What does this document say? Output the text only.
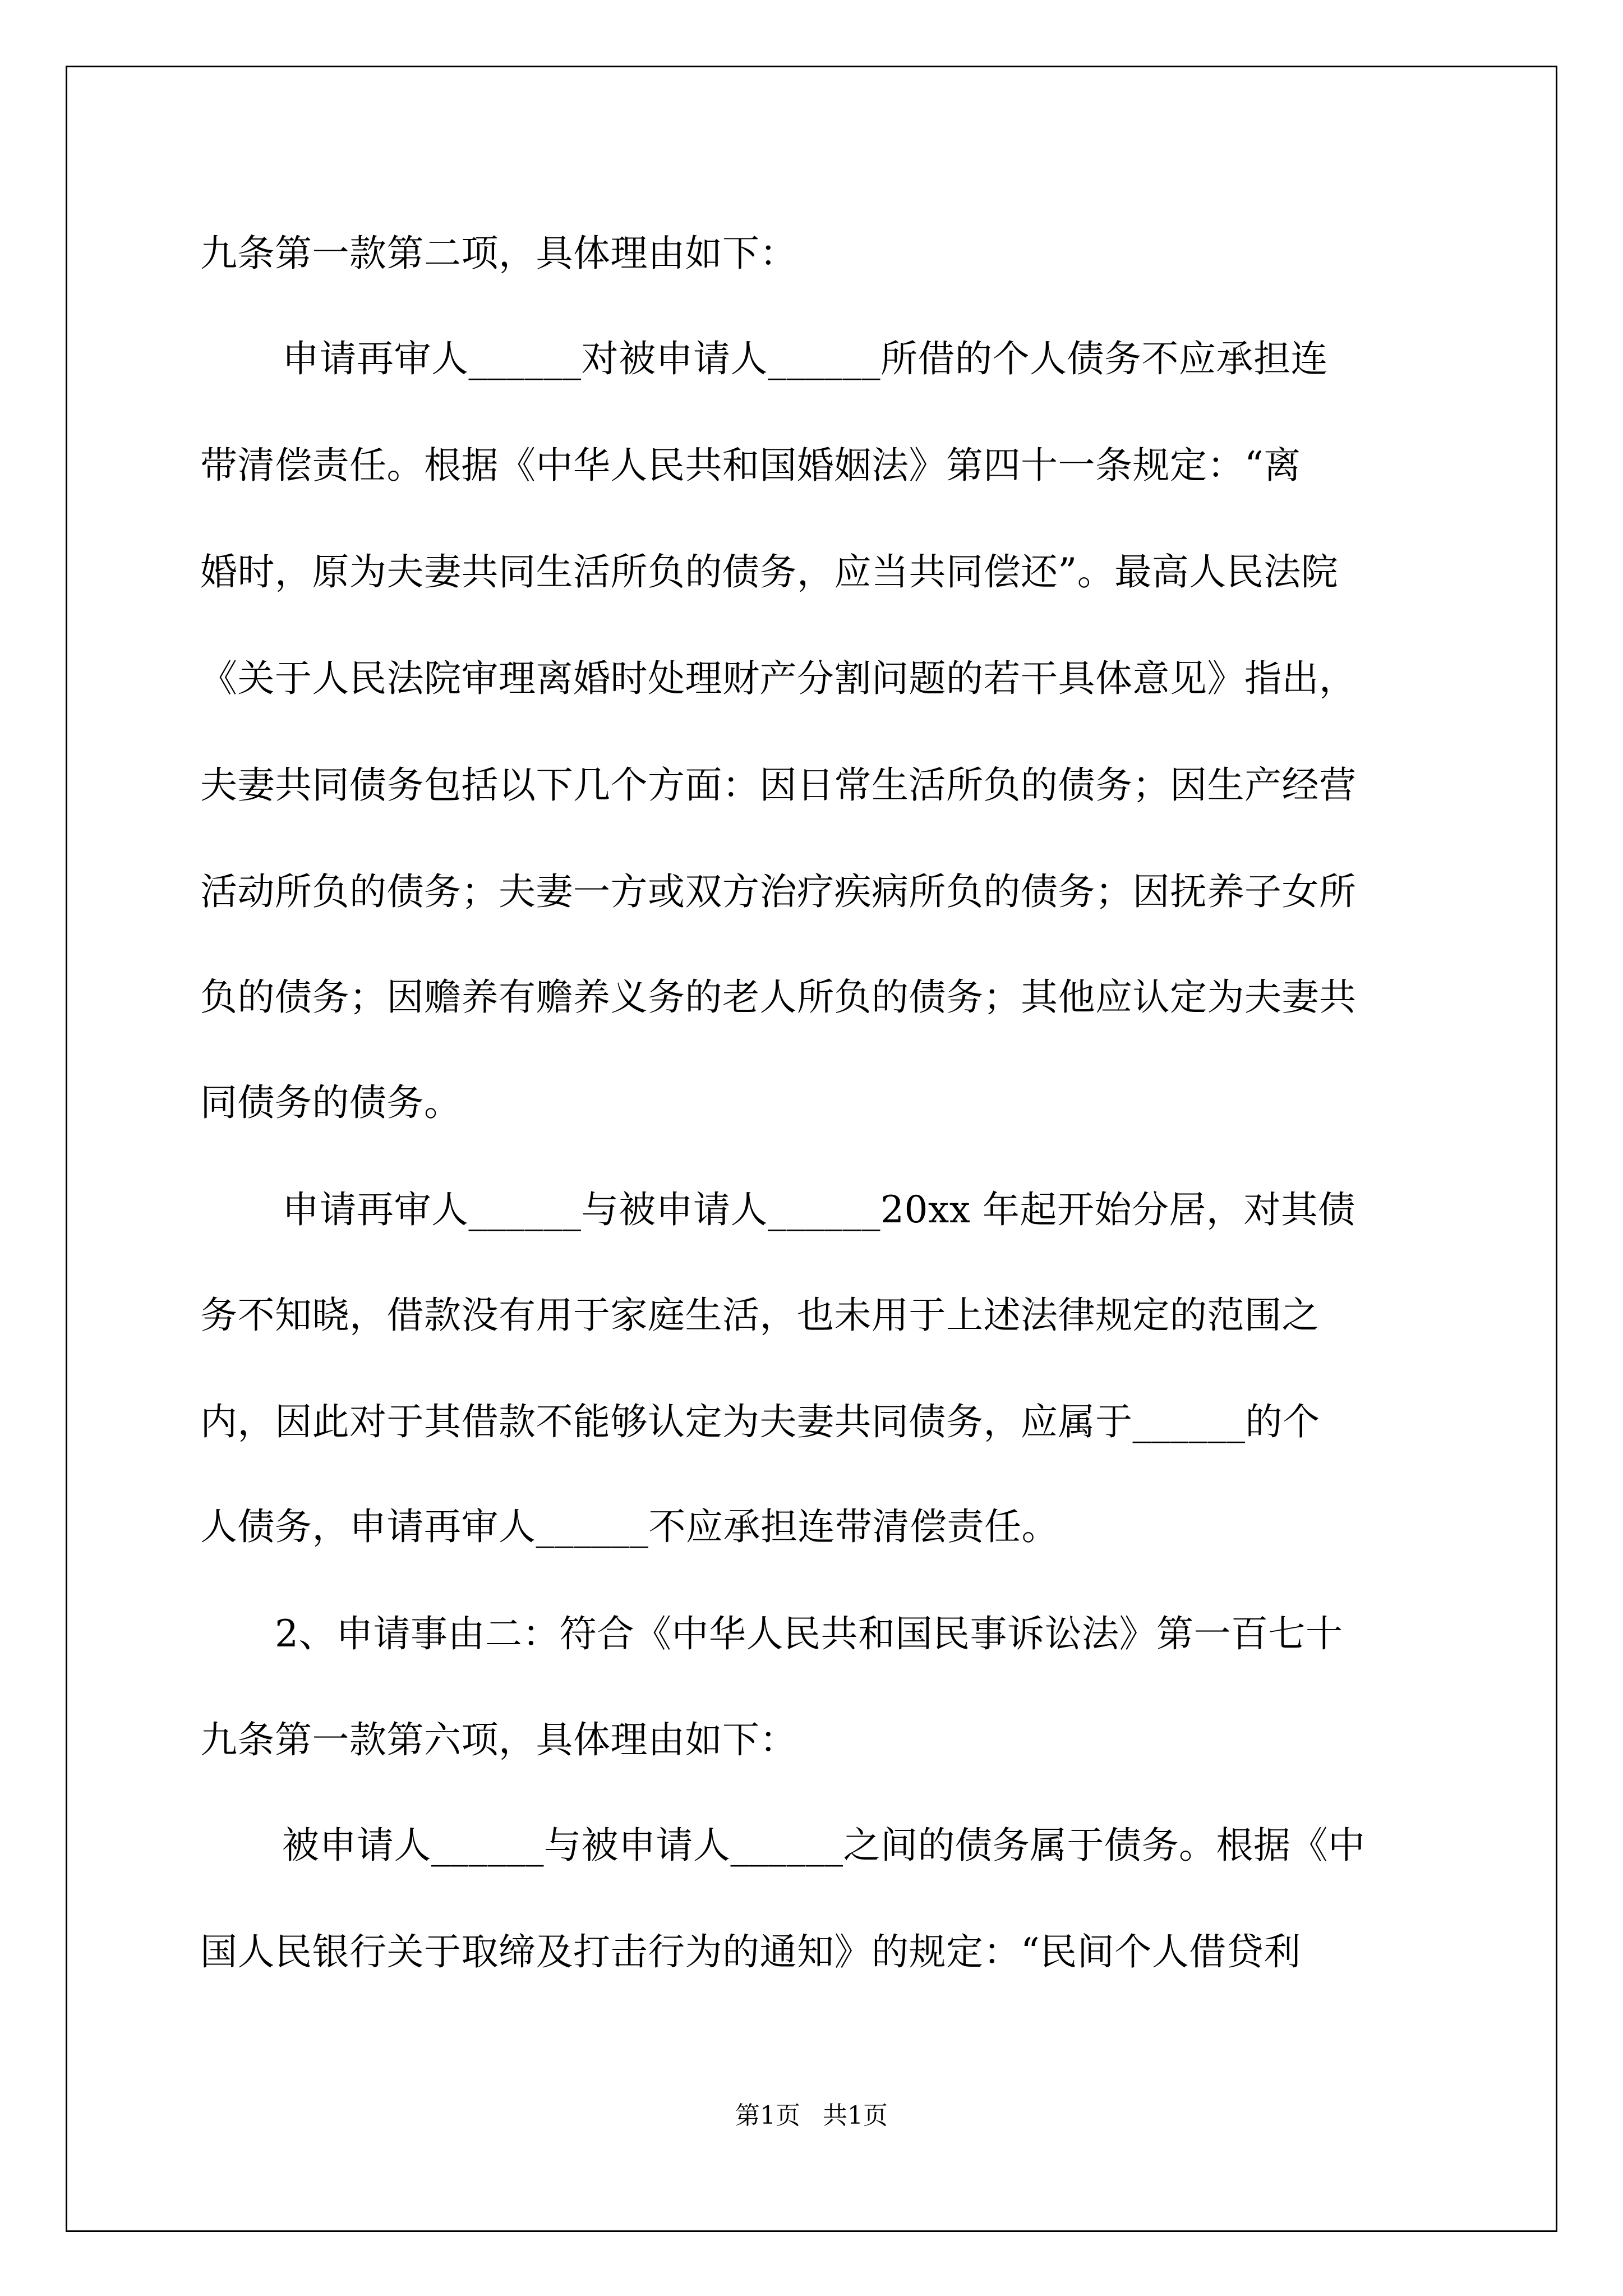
九条第一款第二项，具体理由如下：
申请再审人______对被申请人______所借的个人债务不应承担连
带清偿责任。根据《中华人民共和国婚姻法》第四十一条规定：“离
婚时，原为夫妻共同生活所负的债务，应当共同偿还”。最高人民法院
《关于人民法院审理离婚时处理财产分割问题的若干具体意见》指出，
夫妻共同债务包括以下几个方面：因日常生活所负的债务；因生产经营
活动所负的债务；夫妻一方或双方治疗疾病所负的债务；因抚养子女所
负的债务；因赡养有赡养义务的老人所负的债务；其他应认定为夫妻共
同债务的债务。
申请再审人______与被申请人______20xx 年起开始分居，对其债
务不知晓，借款没有用于家庭生活，也未用于上述法律规定的范围之
内，因此对于其借款不能够认定为夫妻共同债务，应属于______的个
人债务，申请再审人______不应承担连带清偿责任。
2、申请事由二：符合《中华人民共和国民事诉讼法》第一百七十
九条第一款第六项，具体理由如下：
被申请人______与被申请人______之间的债务属于债务。根据《中
国人民银行关于取缔及打击行为的通知》的规定：“民间个人借贷利
第1页 共1页
